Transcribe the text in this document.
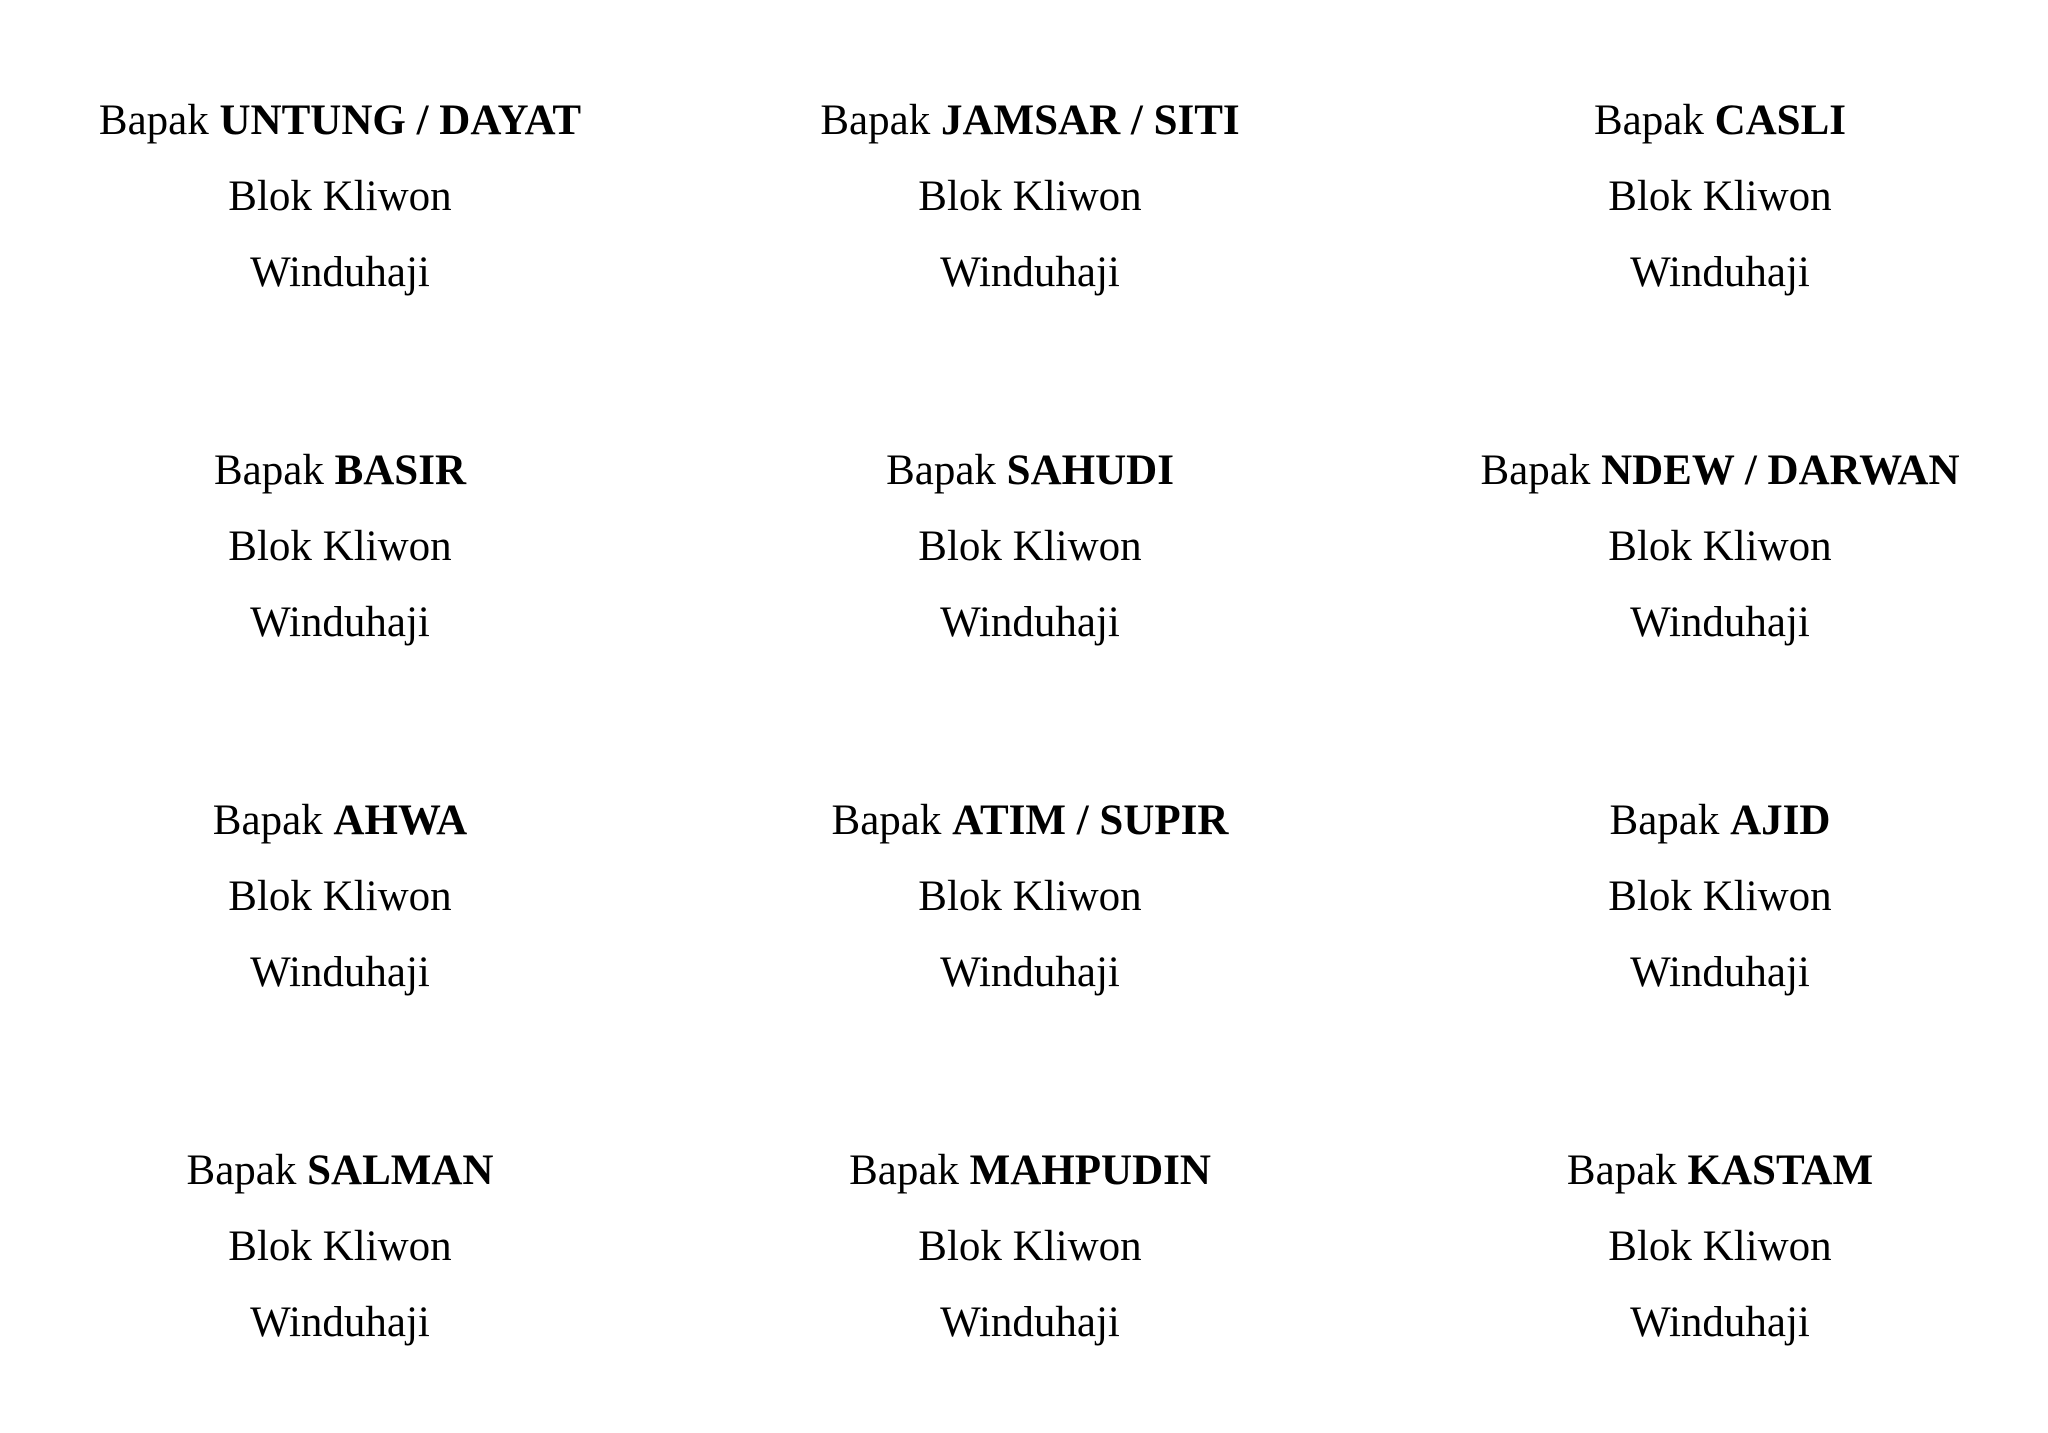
Bapak UNTUNG / DAYAT
Blok Kliwon
Winduhaji
Bapak JAMSAR / SITI
Blok Kliwon
Winduhaji
Bapak CASLI
Blok Kliwon
Winduhaji
Bapak BASIR
Blok Kliwon
Winduhaji
Bapak SAHUDI
Blok Kliwon
Winduhaji
Bapak NDEW / DARWAN
Blok Kliwon
Winduhaji
Bapak AHWA
Blok Kliwon
Winduhaji
Bapak ATIM / SUPIR
Blok Kliwon
Winduhaji
Bapak AJID
Blok Kliwon
Winduhaji
Bapak SALMAN
Blok Kliwon
Winduhaji
Bapak MAHPUDIN
Blok Kliwon
Winduhaji
Bapak KASTAM
Blok Kliwon
Winduhaji
